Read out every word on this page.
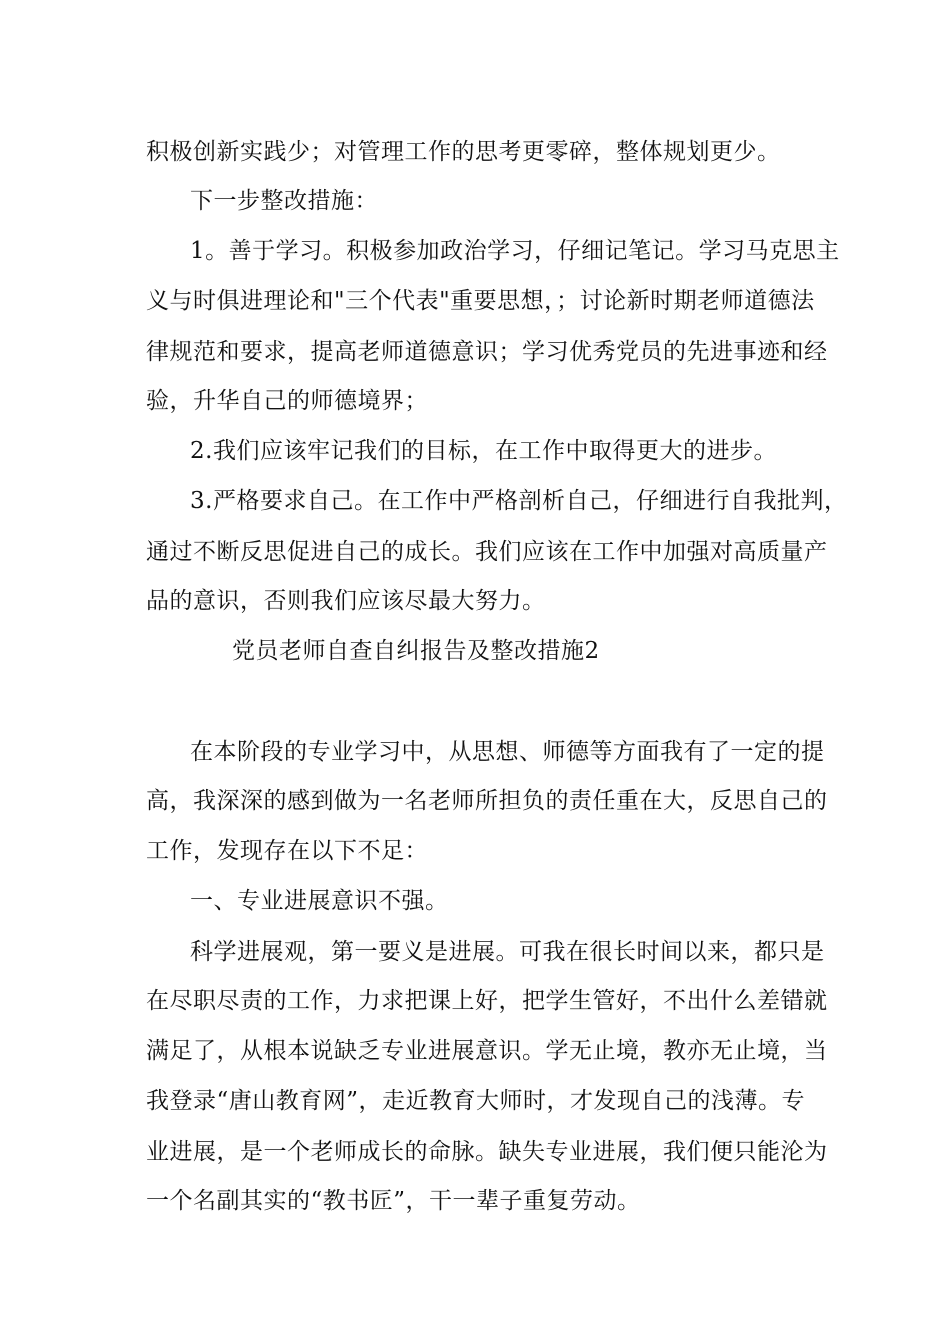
积极创新实践少；对管理工作的思考更零碎，整体规划更少。
下一步整改措施：
1。善于学习。积极参加政治学习，仔细记笔记。学习马克思主
义与时俱进理论和"三个代表"重要思想，；讨论新时期老师道德法
律规范和要求，提高老师道德意识；学习优秀党员的先进事迹和经
验，升华自己的师德境界；
2.我们应该牢记我们的目标，在工作中取得更大的进步。
3.严格要求自己。在工作中严格剖析自己，仔细进行自我批判，
通过不断反思促进自己的成长。我们应该在工作中加强对高质量产
品的意识，否则我们应该尽最大努力。
党员老师自查自纠报告及整改措施2
在本阶段的专业学习中，从思想、师德等方面我有了一定的提
高，我深深的感到做为一名老师所担负的责任重在大，反思自己的
工作，发现存在以下不足：
一、专业进展意识不强。
科学进展观，第一要义是进展。可我在很长时间以来，都只是
在尽职尽责的工作，力求把课上好，把学生管好，不出什么差错就
满足了，从根本说缺乏专业进展意识。学无止境，教亦无止境，当
我登录“唐山教育网”，走近教育大师时，才发现自己的浅薄。专
业进展，是一个老师成长的命脉。缺失专业进展，我们便只能沦为
一个名副其实的“教书匠”，干一辈子重复劳动。
